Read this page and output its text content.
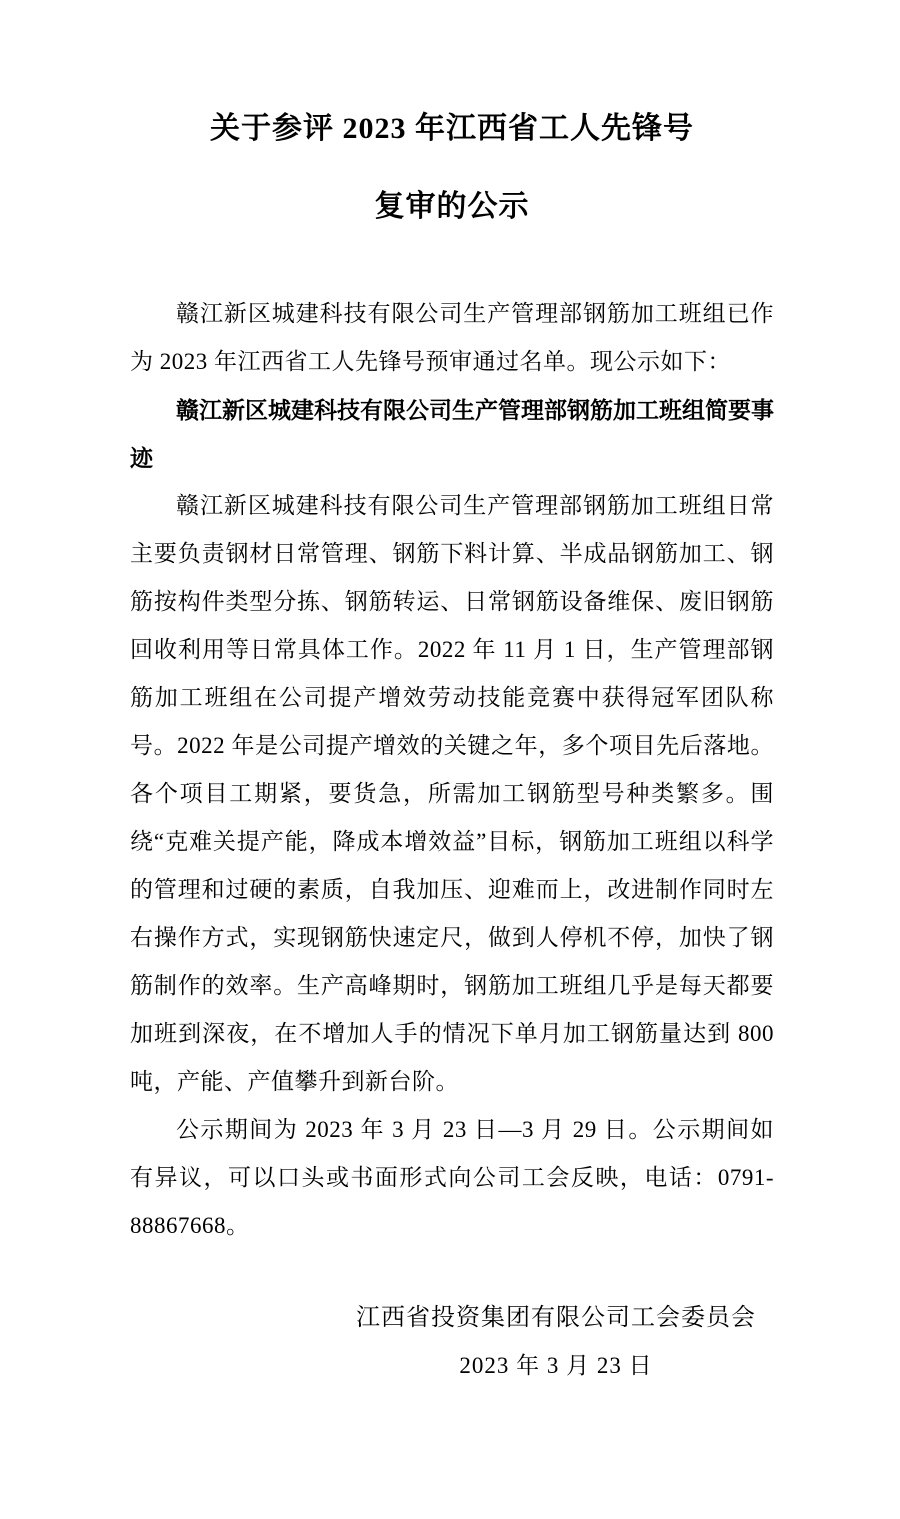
关于参评 2023 年江西省工人先锋号
复审的公示

赣江新区城建科技有限公司生产管理部钢筋加工班组已作为 2023 年江西省工人先锋号预审通过名单。现公示如下：

赣江新区城建科技有限公司生产管理部钢筋加工班组简要事迹

赣江新区城建科技有限公司生产管理部钢筋加工班组日常主要负责钢材日常管理、钢筋下料计算、半成品钢筋加工、钢筋按构件类型分拣、钢筋转运、日常钢筋设备维保、废旧钢筋回收利用等日常具体工作。2022 年 11 月 1 日，生产管理部钢筋加工班组在公司提产增效劳动技能竞赛中获得冠军团队称号。2022 年是公司提产增效的关键之年，多个项目先后落地。各个项目工期紧，要货急，所需加工钢筋型号种类繁多。围绕“克难关提产能，降成本增效益”目标，钢筋加工班组以科学的管理和过硬的素质，自我加压、迎难而上，改进制作同时左右操作方式，实现钢筋快速定尺，做到人停机不停，加快了钢筋制作的效率。生产高峰期时，钢筋加工班组几乎是每天都要加班到深夜，在不增加人手的情况下单月加工钢筋量达到 800 吨，产能、产值攀升到新台阶。

公示期间为 2023 年 3 月 23 日—3 月 29 日。公示期间如有异议，可以口头或书面形式向公司工会反映，电话：0791-88867668。

江西省投资集团有限公司工会委员会
2023 年 3 月 23 日
